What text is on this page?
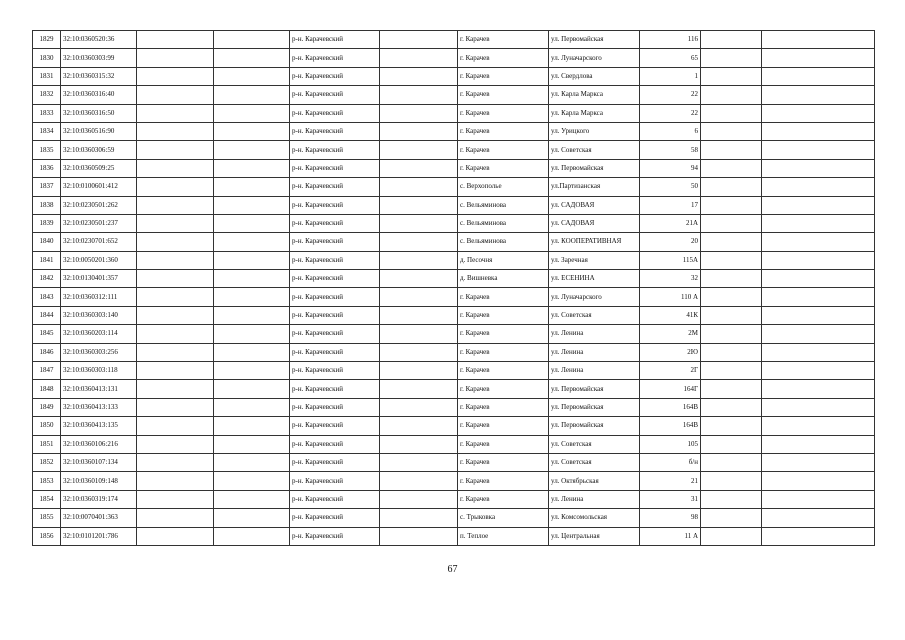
1829	32:10:0360520:36			р-н. Карачевский		г. Карачев	ул. Первомайская	116		
1830	32:10:0360303:99			р-н. Карачевский		г. Карачев	ул. Луначарского	65		
1831	32:10:0360315:32			р-н. Карачевский		г. Карачев	ул. Свердлова	1		
1832	32:10:0360316:40			р-н. Карачевский		г. Карачев	ул. Карла Маркса	22		
1833	32:10:0360316:50			р-н. Карачевский		г. Карачев	ул. Карла Маркса	22		
1834	32:10:0360516:90			р-н. Карачевский		г. Карачев	ул. Урицкого	6		
1835	32:10:0360306:59			р-н. Карачевский		г. Карачев	ул. Советская	58		
1836	32:10:0360509:25			р-н. Карачевский		г. Карачев	ул. Первомайская	94		
1837	32:10:0100601:412			р-н. Карачевский		с. Верхополье	ул.Партизанская	50		
1838	32:10:0230501:262			р-н. Карачевский		с. Вельяминова	ул. САДОВАЯ	17		
1839	32:10:0230501:237			р-н. Карачевский		с. Вельяминова	ул. САДОВАЯ	21А		
1840	32:10:0230701:652			р-н. Карачевский		с. Вельяминова	ул. КООПЕРАТИВНАЯ	20		
1841	32:10:0050201:360			р-н. Карачевский		д. Песочня	ул. Заречная	115А		
1842	32:10:0130401:357			р-н. Карачевский		д. Вишневка	ул. ЕСЕНИНА	32		
1843	32:10:0360312:111			р-н. Карачевский		г. Карачев	ул. Луначарского	110 А		
1844	32:10:0360303:140			р-н. Карачевский		г. Карачев	ул. Советская	41К		
1845	32:10:0360203:114			р-н. Карачевский		г. Карачев	ул. Ленина	2М		
1846	32:10:0360303:256			р-н. Карачевский		г. Карачев	ул. Ленина	2Ю		
1847	32:10:0360303:118			р-н. Карачевский		г. Карачев	ул. Ленина	2Г		
1848	32:10:0360413:131			р-н. Карачевский		г. Карачев	ул. Первомайская	164Г		
1849	32:10:0360413:133			р-н. Карачевский		г. Карачев	ул. Первомайская	164В		
1850	32:10:0360413:135			р-н. Карачевский		г. Карачев	ул. Первомайская	164В		
1851	32:10:0360106:216			р-н. Карачевский		г. Карачев	ул. Советская	105		
1852	32:10:0360107:134			р-н. Карачевский		г. Карачев	ул. Советская	б/н		
1853	32:10:0360109:148			р-н. Карачевский		г. Карачев	ул. Октябрьская	21		
1854	32:10:0360319:174			р-н. Карачевский		г. Карачев	ул. Ленина	31		
1855	32:10:0070401:363			р-н. Карачевский		с. Трыковка	ул. Комсомольская	98		
1856	32:10:0101201:786			р-н. Карачевский		п. Теплое	ул. Центральная	11 А		
67
